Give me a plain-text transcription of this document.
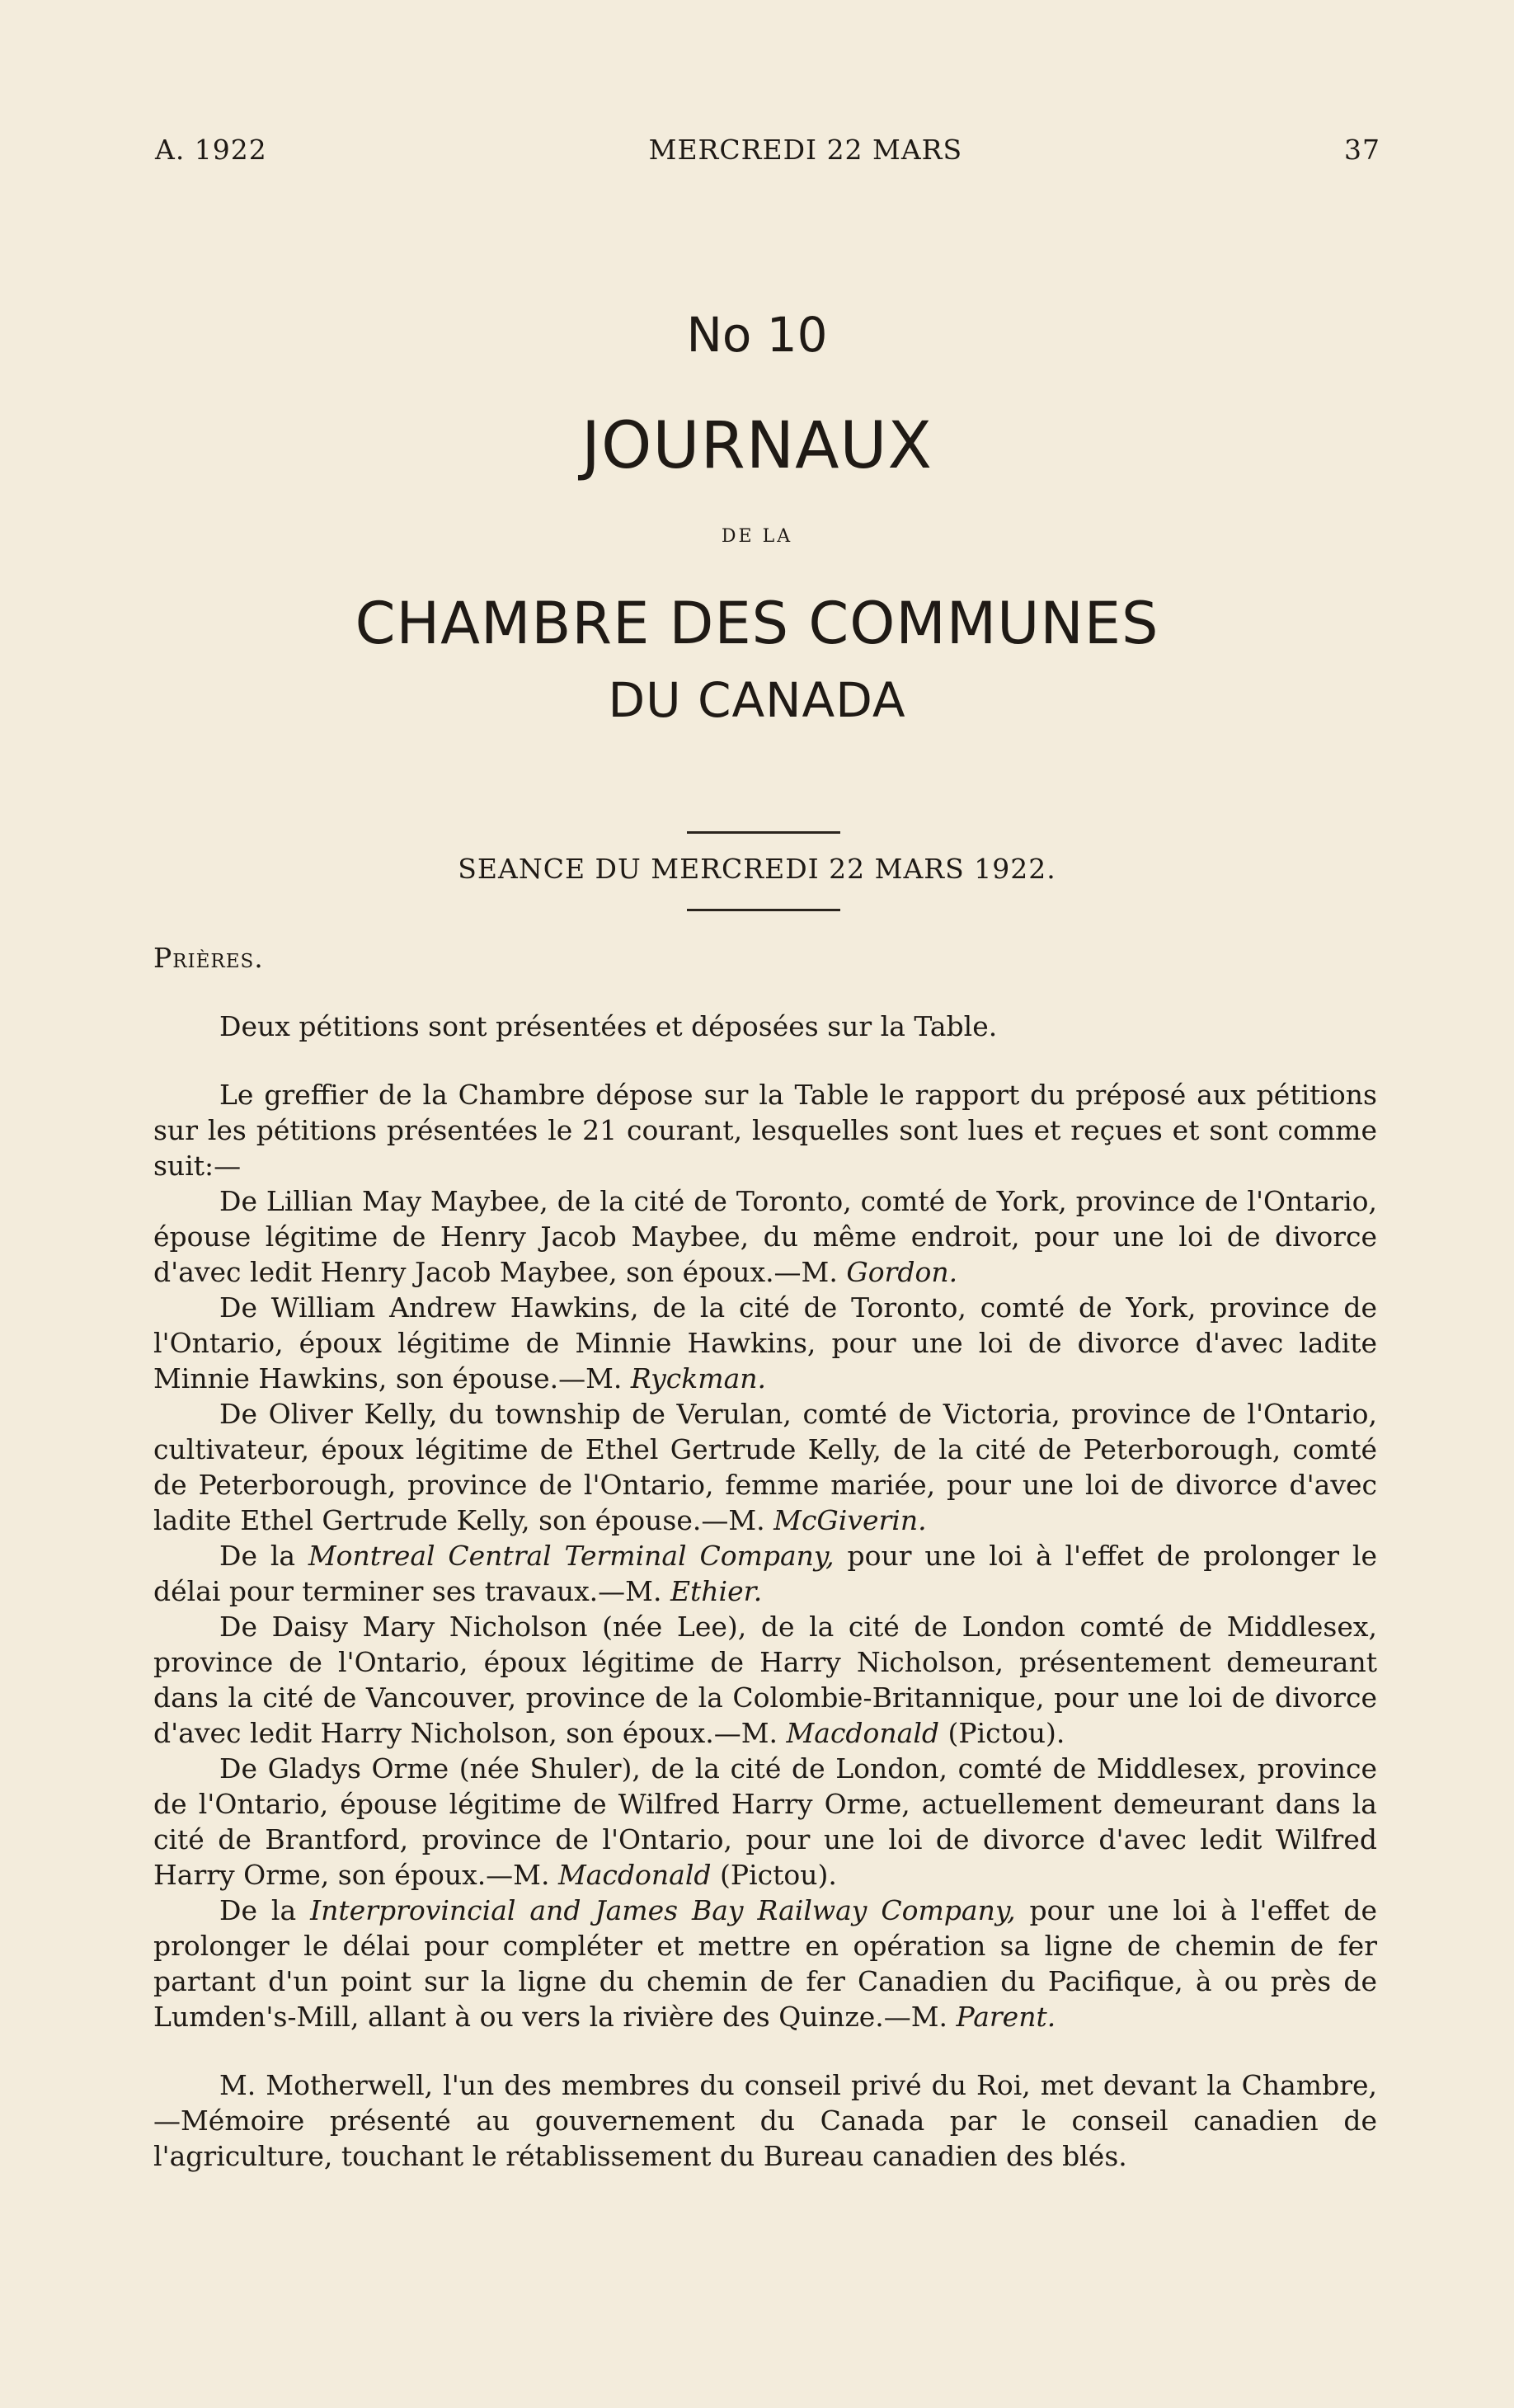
A. 1922	MERCREDI 22 MARS	37
No 10
JOURNAUX
DE LA
CHAMBRE DES COMMUNES
DU CANADA
SEANCE DU MERCREDI 22 MARS 1922.

Prières.

Deux pétitions sont présentées et déposées sur la Table.

Le greffier de la Chambre dépose sur la Table le rapport du préposé aux pétitions sur les pétitions présentées le 21 courant, lesquelles sont lues et reçues et sont comme suit:—

De Lillian May Maybee, de la cité de Toronto, comté de York, province de l'Ontario, épouse légitime de Henry Jacob Maybee, du même endroit, pour une loi de divorce d'avec ledit Henry Jacob Maybee, son époux.—M. Gordon.

De William Andrew Hawkins, de la cité de Toronto, comté de York, province de l'Ontario, époux légitime de Minnie Hawkins, pour une loi de divorce d'avec ladite Minnie Hawkins, son épouse.—M. Ryckman.

De Oliver Kelly, du township de Verulan, comté de Victoria, province de l'Ontario, cultivateur, époux légitime de Ethel Gertrude Kelly, de la cité de Peterborough, comté de Peterborough, province de l'Ontario, femme mariée, pour une loi de divorce d'avec ladite Ethel Gertrude Kelly, son épouse.—M. McGiverin.

De la Montreal Central Terminal Company, pour une loi à l'effet de prolonger le délai pour terminer ses travaux.—M. Ethier.

De Daisy Mary Nicholson (née Lee), de la cité de London comté de Middlesex, province de l'Ontario, époux légitime de Harry Nicholson, présentement demeurant dans la cité de Vancouver, province de la Colombie-Britannique, pour une loi de divorce d'avec ledit Harry Nicholson, son époux.—M. Macdonald (Pictou).

De Gladys Orme (née Shuler), de la cité de London, comté de Middlesex, province de l'Ontario, épouse légitime de Wilfred Harry Orme, actuellement demeurant dans la cité de Brantford, province de l'Ontario, pour une loi de divorce d'avec ledit Wilfred Harry Orme, son époux.—M. Macdonald (Pictou).

De la Interprovincial and James Bay Railway Company, pour une loi à l'effet de prolonger le délai pour compléter et mettre en opération sa ligne de chemin de fer partant d'un point sur la ligne du chemin de fer Canadien du Pacifique, à ou près de Lumden's-Mill, allant à ou vers la rivière des Quinze.—M. Parent.

M. Motherwell, l'un des membres du conseil privé du Roi, met devant la Chambre, —Mémoire présenté au gouvernement du Canada par le conseil canadien de l'agriculture, touchant le rétablissement du Bureau canadien des blés.
